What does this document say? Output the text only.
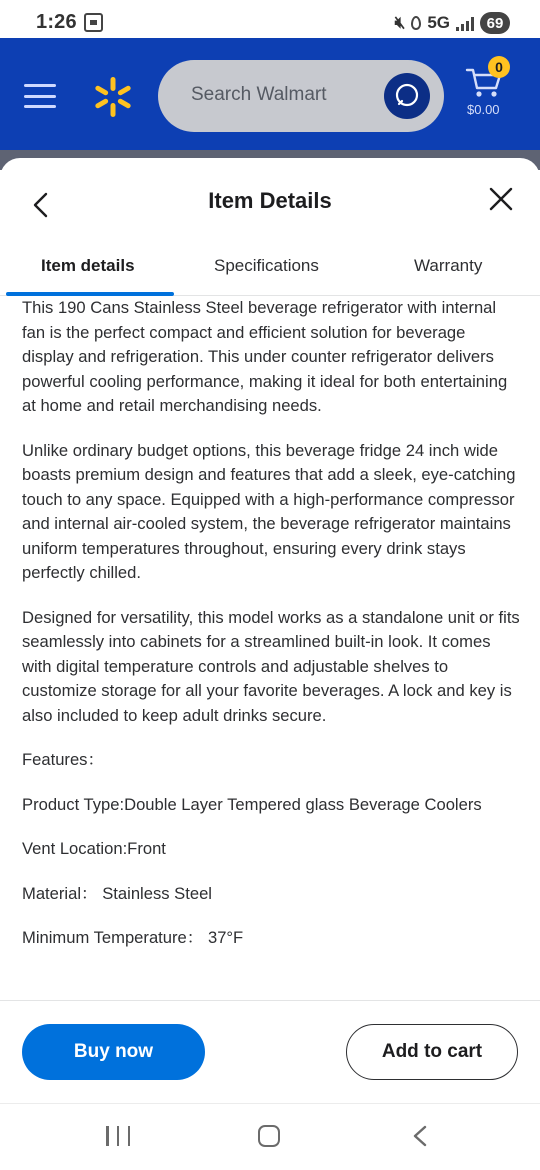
1:26	🔇︎ 5G	69
Search Walmart
0
$0.00
Item Details
Item details	Specifications	Warranty

This 190 Cans Stainless Steel beverage refrigerator with internal fan is the perfect compact and efficient solution for beverage display and refrigeration. This under counter refrigerator delivers powerful cooling performance, making it ideal for both entertaining at home and retail merchandising needs.

Unlike ordinary budget options, this beverage fridge 24 inch wide boasts premium design and features that add a sleek, eye-catching touch to any space. Equipped with a high-performance compressor and internal air-cooled system, the beverage refrigerator maintains uniform temperatures throughout, ensuring every drink stays perfectly chilled.

Designed for versatility, this model works as a standalone unit or fits seamlessly into cabinets for a streamlined built-in look. It comes with digital temperature controls and adjustable shelves to customize storage for all your favorite beverages. A lock and key is also included to keep adult drinks secure.

Features：

Product Type:Double Layer Tempered glass Beverage Coolers

Vent Location:Front

Material： Stainless Steel

Minimum Temperature： 37°F

Buy now	Add to cart
